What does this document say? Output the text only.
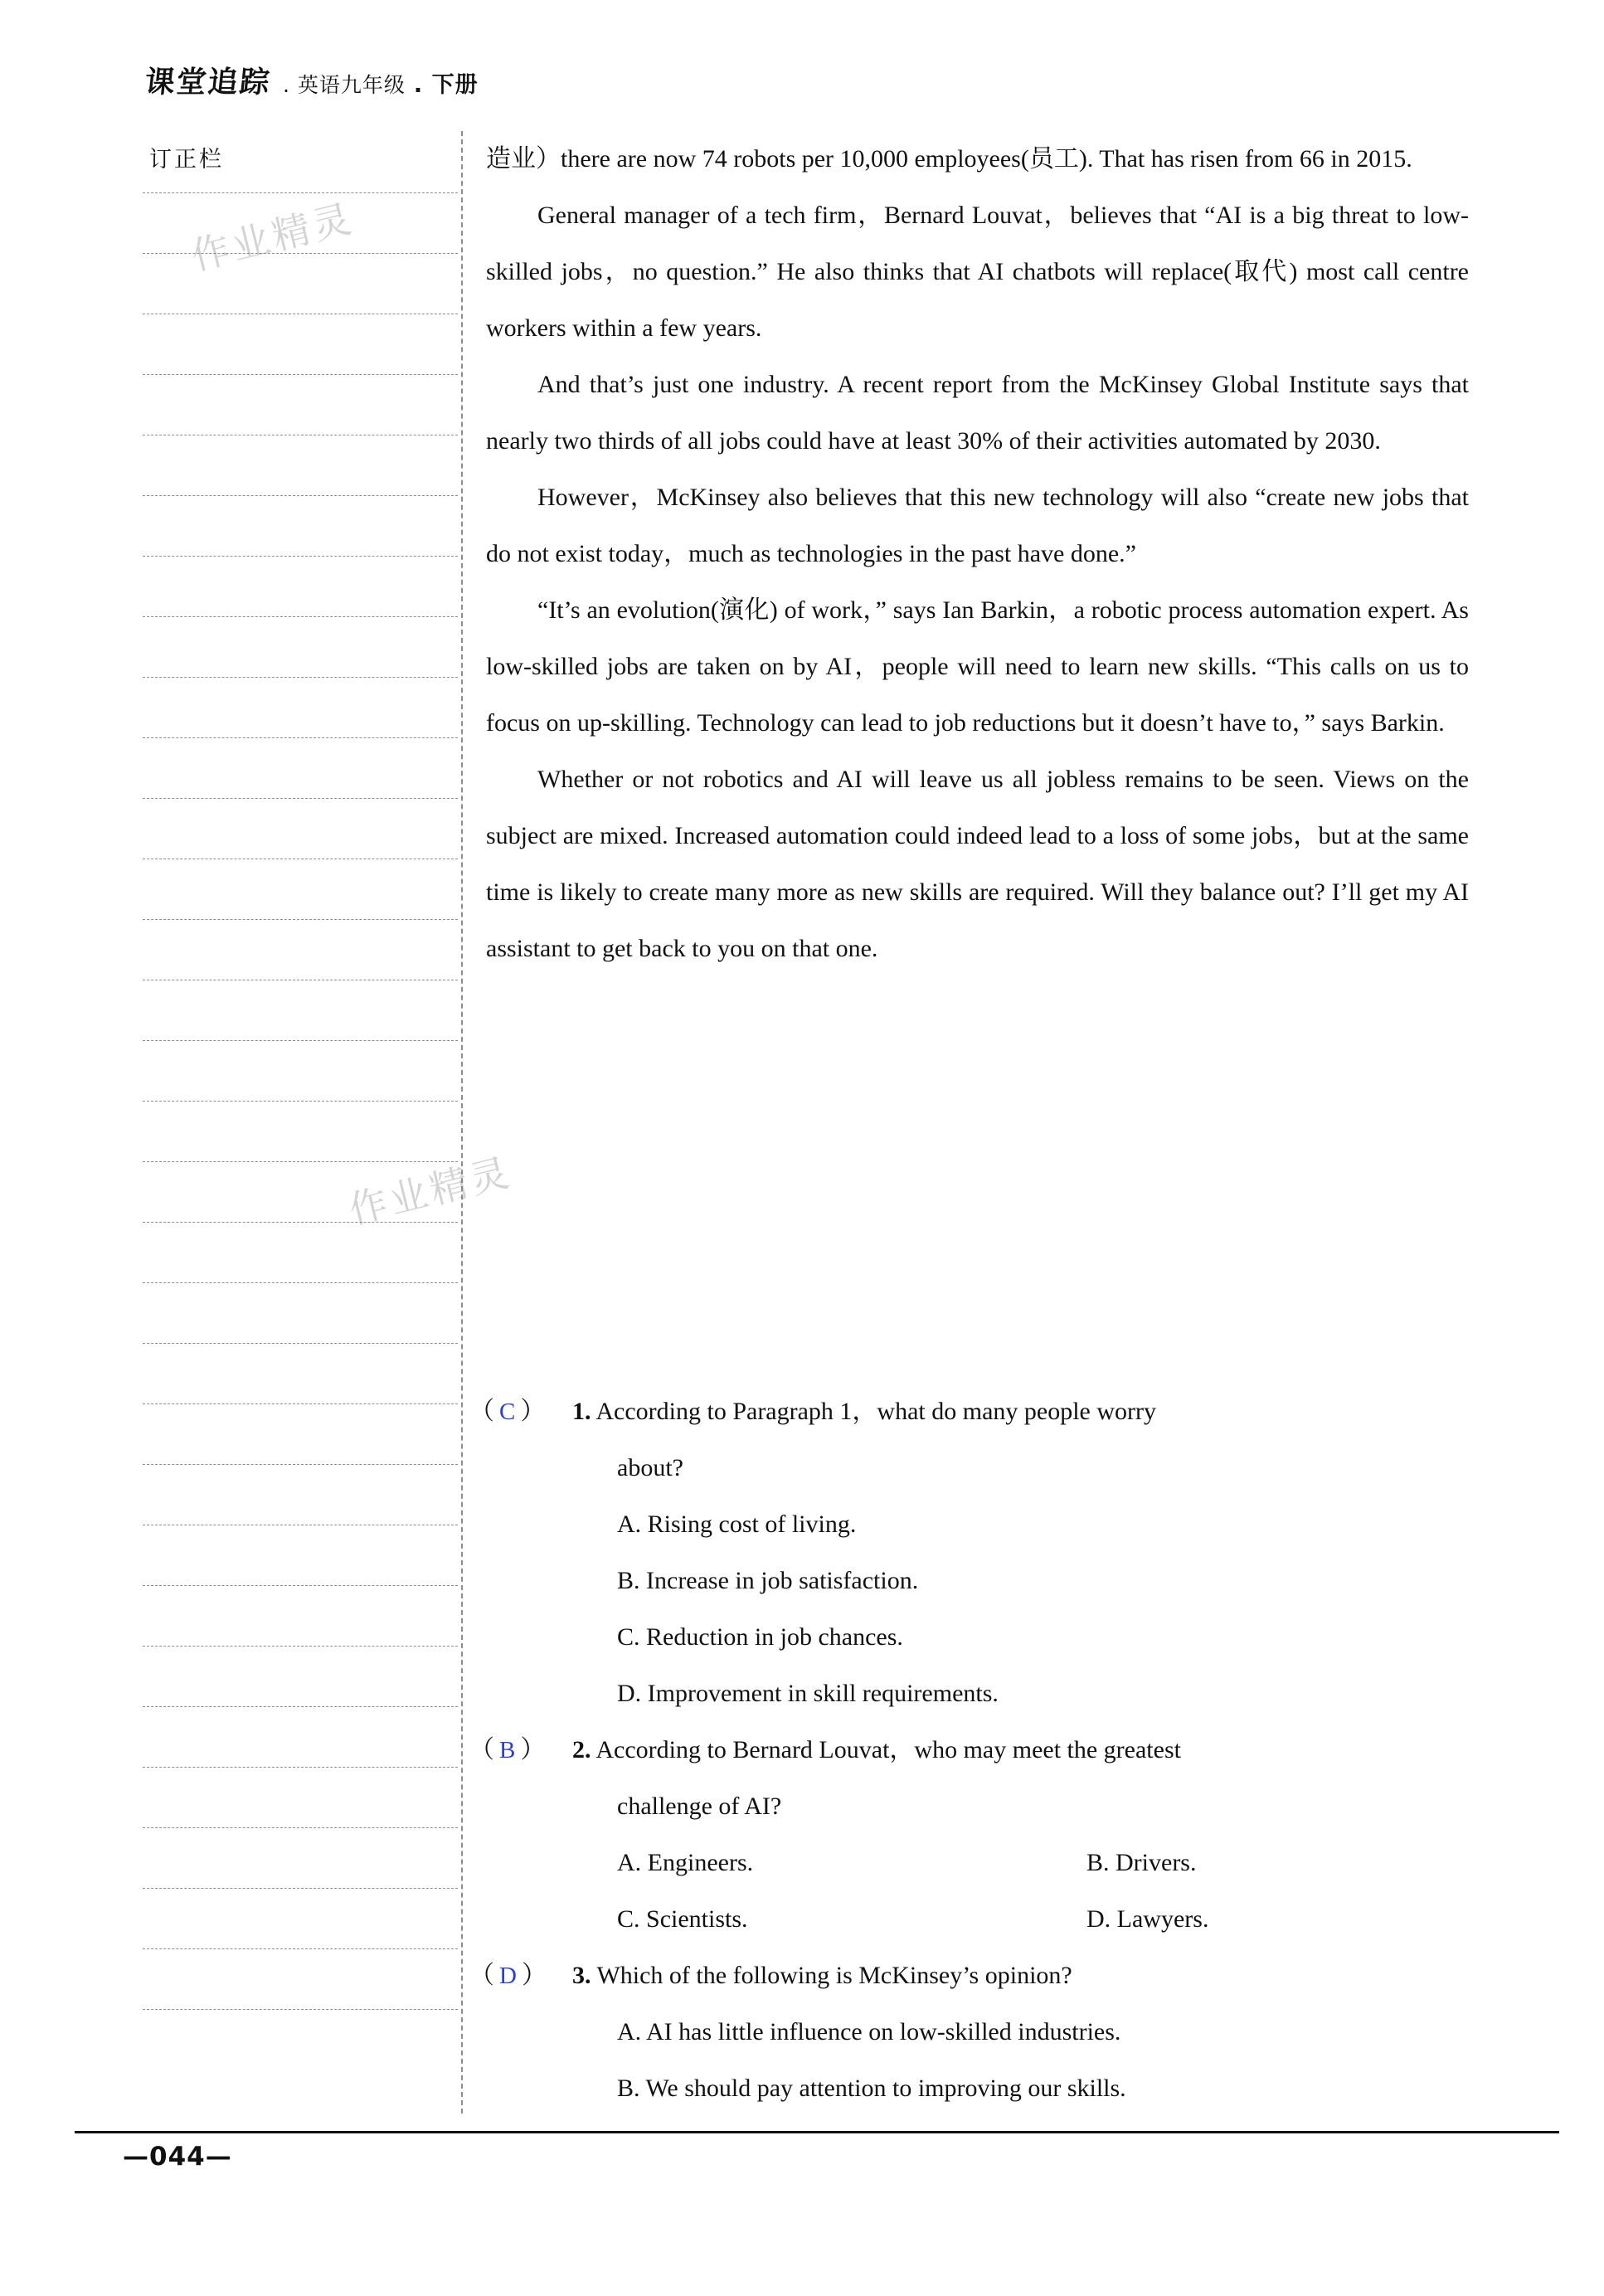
课堂追踪 . 英语九年级 . 下册
订正栏
作业精灵
作业精灵

造业）there are now 74 robots per 10,000 employees(员工). That has risen from 66 in 2015.

General manager of a tech firm，Bernard Louvat，believes that “AI is a big threat to low-skilled jobs，no question.” He also thinks that AI chatbots will replace(取代) most call centre workers within a few years.

And that’s just one industry. A recent report from the McKinsey Global Institute says that nearly two thirds of all jobs could have at least 30% of their activities automated by 2030.

However，McKinsey also believes that this new technology will also “create new jobs that do not exist today，much as technologies in the past have done.”

“It’s an evolution(演化) of work，” says Ian Barkin，a robotic process automation expert. As low-skilled jobs are taken on by AI，people will need to learn new skills. “This calls on us to focus on up-skilling. Technology can lead to job reductions but it doesn’t have to，” says Barkin.

Whether or not robotics and AI will leave us all jobless remains to be seen. Views on the subject are mixed. Increased automation could indeed lead to a loss of some jobs，but at the same time is likely to create many more as new skills are required. Will they balance out? I’ll get my AI assistant to get back to you on that one.

（ C ）	1. According to Paragraph 1，what do many people worry
about?
A. Rising cost of living.
B. Increase in job satisfaction.
C. Reduction in job chances.
D. Improvement in skill requirements.
（ B ）	2. According to Bernard Louvat，who may meet the greatest
challenge of AI?
A. Engineers.	B. Drivers.
C. Scientists.	D. Lawyers.
（ D ）	3. Which of the following is McKinsey’s opinion?
A. AI has little influence on low-skilled industries.
B. We should pay attention to improving our skills.
—044—
